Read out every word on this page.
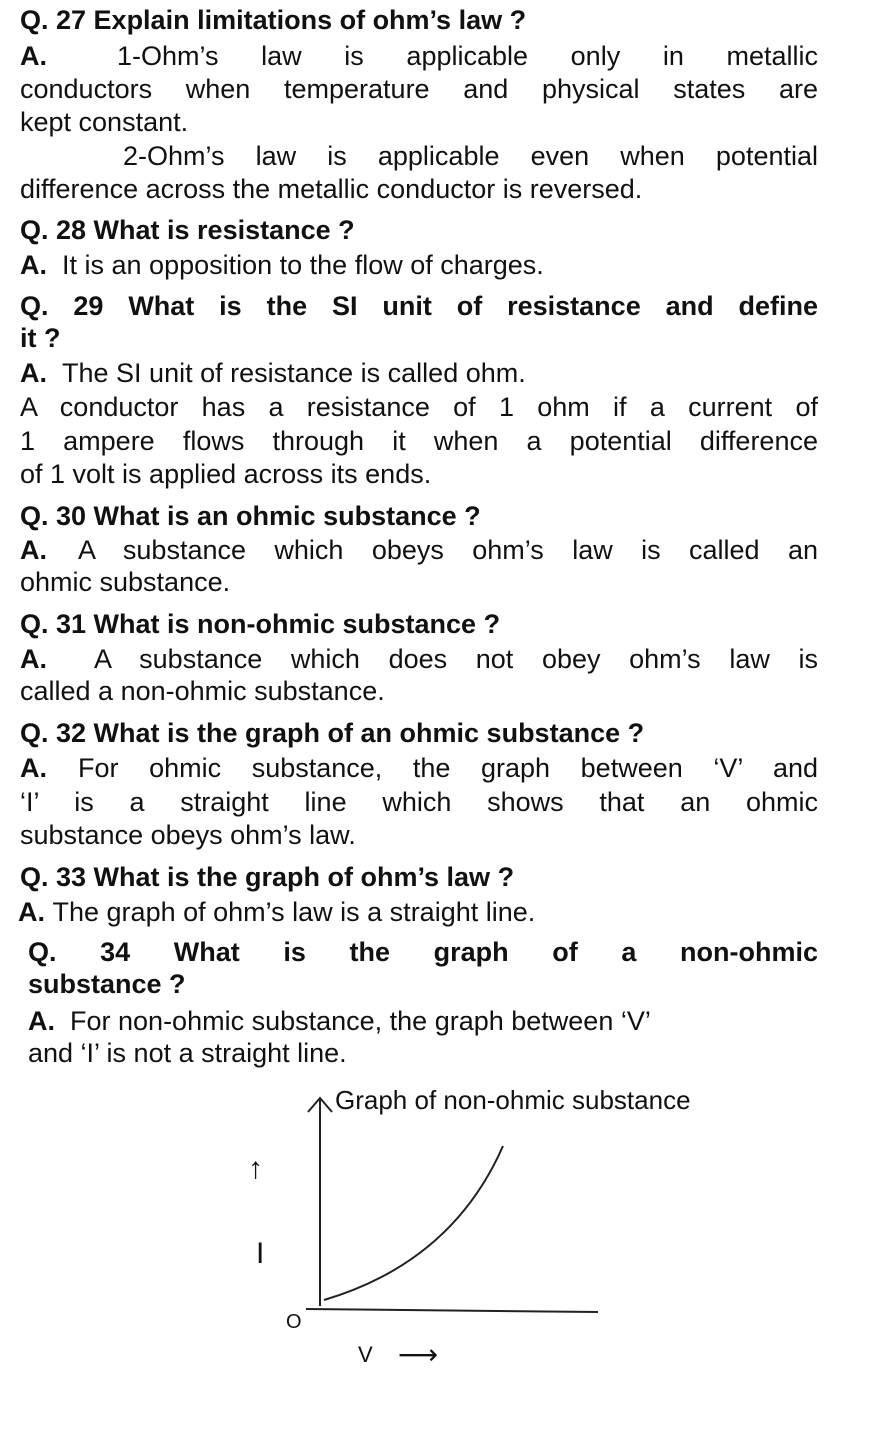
Q. 27 Explain limitations of ohm’s law ?
A.	1-Ohm’s law is applicable only in metallic
conductors when temperature and physical states are
kept constant.
2-Ohm’s law is applicable even when potential
difference across the metallic conductor is reversed.
Q. 28 What is resistance ?
A. It is an opposition to the flow of charges.
Q. 29 What is the SI unit of resistance and define
it ?
A. The SI unit of resistance is called ohm.
A conductor has a resistance of 1 ohm if a current of
1 ampere flows through it when a potential difference
of 1 volt is applied across its ends.
Q. 30 What is an ohmic substance ?
A. A substance which obeys ohm’s law is called an
ohmic substance.
Q. 31 What is non-ohmic substance ?
A. A substance which does not obey ohm’s law is
called a non-ohmic substance.
Q. 32 What is the graph of an ohmic substance ?
A. For ohmic substance, the graph between ‘V’ and
‘I’ is a straight line which shows that an ohmic
substance obeys ohm’s law.
Q. 33 What is the graph of ohm’s law ?
A. The graph of ohm’s law is a straight line.
Q. 34 What is the graph of a non-ohmic
substance ?
A. For non-ohmic substance, the graph between ‘V’
and ‘I’ is not a straight line.
Graph of non-ohmic substance
↑
I
O
V ⟶
